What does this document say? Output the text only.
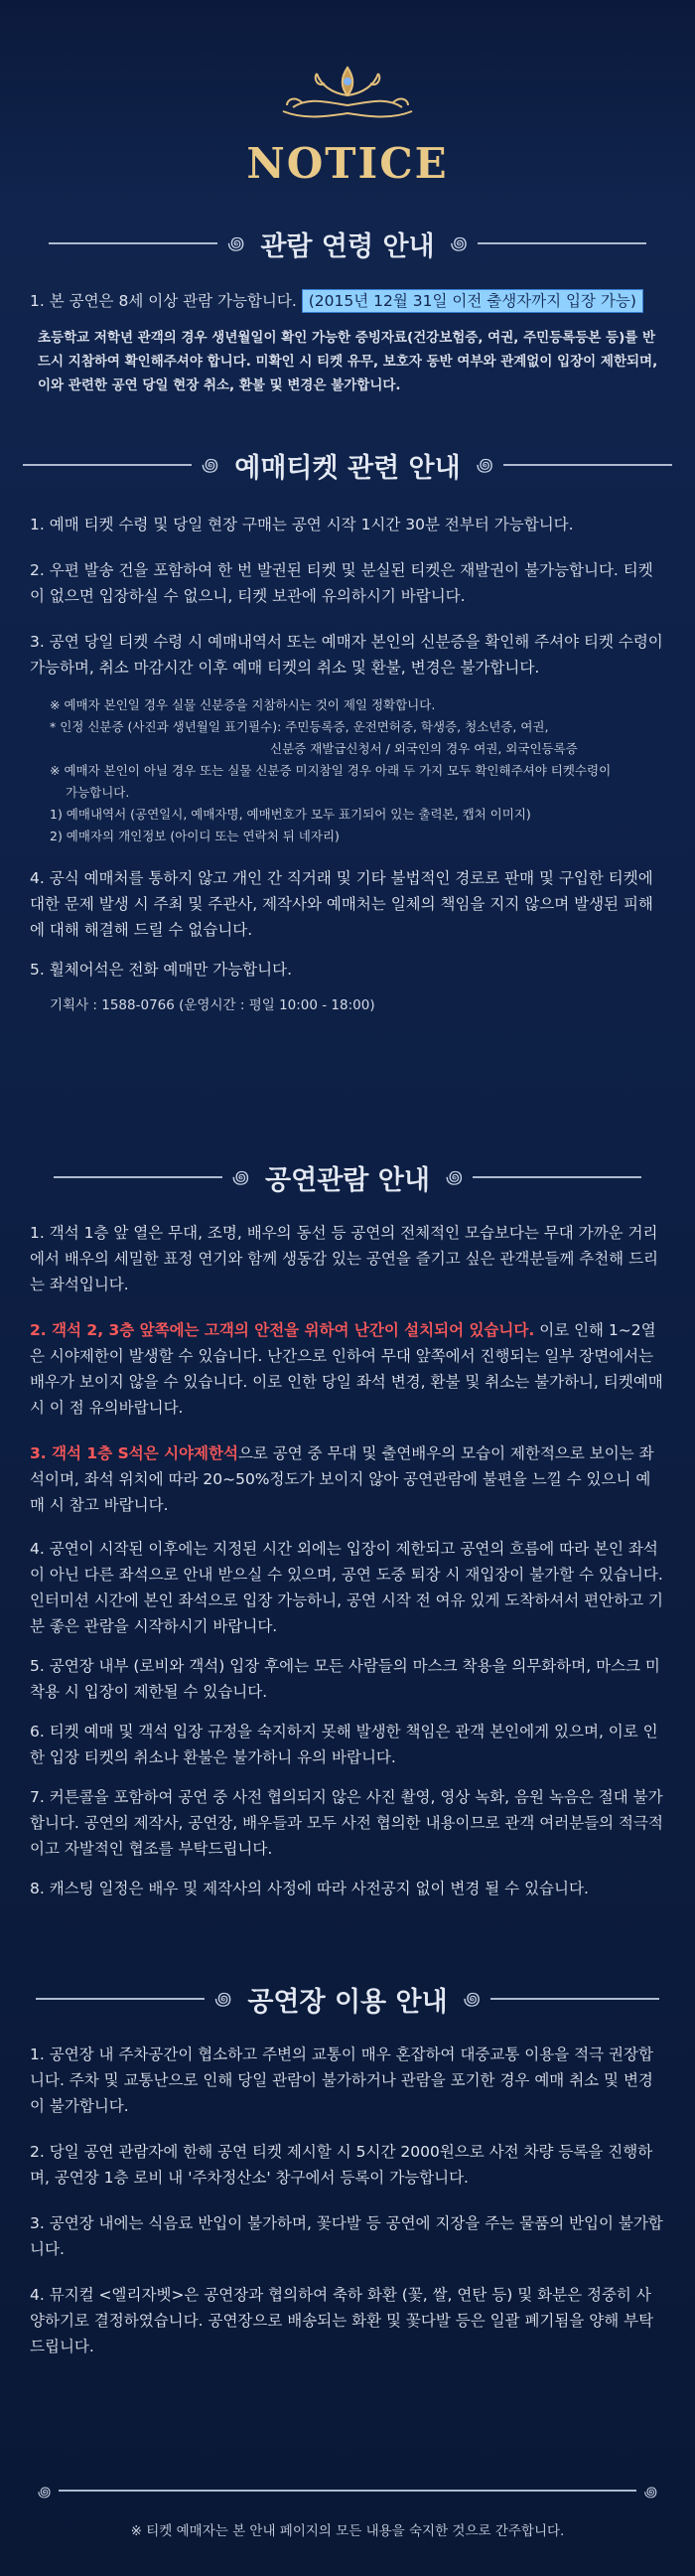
NOTICE
꩜ 관람 연령 안내 ꩜

1. 본 공연은 8세 이상 관람 가능합니다. (2015년 12월 31일 이전 출생자까지 입장 가능)

초등학교 저학년 관객의 경우 생년월일이 확인 가능한 증빙자료(건강보험증, 여권, 주민등록등본 등)를 반드시 지참하여 확인해주셔야 합니다. 미확인 시 티켓 유무, 보호자 동반 여부와 관계없이 입장이 제한되며, 이와 관련한 공연 당일 현장 취소, 환불 및 변경은 불가합니다.

꩜ 예매티켓 관련 안내 ꩜

1. 예매 티켓 수령 및 당일 현장 구매는 공연 시작 1시간 30분 전부터 가능합니다.

2. 우편 발송 건을 포함하여 한 번 발권된 티켓 및 분실된 티켓은 재발권이 불가능합니다. 티켓이 없으면 입장하실 수 없으니, 티켓 보관에 유의하시기 바랍니다.

3. 공연 당일 티켓 수령 시 예매내역서 또는 예매자 본인의 신분증을 확인해 주셔야 티켓 수령이 가능하며, 취소 마감시간 이후 예매 티켓의 취소 및 환불, 변경은 불가합니다.

※ 예매자 본인일 경우 실물 신분증을 지참하시는 것이 제일 정확합니다.

* 인정 신분증 (사진과 생년월일 표기필수): 주민등록증, 운전면허증, 학생증, 청소년증, 여권,

신분증 재발급신청서 / 외국인의 경우 여권, 외국인등록증

※ 예매자 본인이 아닐 경우 또는 실물 신분증 미지참일 경우 아래 두 가지 모두 확인해주셔야 티켓수령이

가능합니다.

1) 예매내역서 (공연일시, 예매자명, 예매번호가 모두 표기되어 있는 출력본, 캡처 이미지)

2) 예매자의 개인정보 (아이디 또는 연락처 뒤 네자리)

4. 공식 예매처를 통하지 않고 개인 간 직거래 및 기타 불법적인 경로로 판매 및 구입한 티켓에 대한 문제 발생 시 주최 및 주관사, 제작사와 예매처는 일체의 책임을 지지 않으며 발생된 피해에 대해 해결해 드릴 수 없습니다.

5. 휠체어석은 전화 예매만 가능합니다.

기획사 : 1588-0766 (운영시간 : 평일 10:00 - 18:00)

꩜ 공연관람 안내 ꩜

1. 객석 1층 앞 열은 무대, 조명, 배우의 동선 등 공연의 전체적인 모습보다는 무대 가까운 거리에서 배우의 세밀한 표정 연기와 함께 생동감 있는 공연을 즐기고 싶은 관객분들께 추천해 드리는 좌석입니다.

2. 객석 2, 3층 앞쪽에는 고객의 안전을 위하여 난간이 설치되어 있습니다. 이로 인해 1~2열은 시야제한이 발생할 수 있습니다. 난간으로 인하여 무대 앞쪽에서 진행되는 일부 장면에서는 배우가 보이지 않을 수 있습니다. 이로 인한 당일 좌석 변경, 환불 및 취소는 불가하니, 티켓예매 시 이 점 유의바랍니다.

3. 객석 1층 S석은 시야제한석으로 공연 중 무대 및 출연배우의 모습이 제한적으로 보이는 좌석이며, 좌석 위치에 따라 20~50%정도가 보이지 않아 공연관람에 불편을 느낄 수 있으니 예매 시 참고 바랍니다.

4. 공연이 시작된 이후에는 지정된 시간 외에는 입장이 제한되고 공연의 흐름에 따라 본인 좌석이 아닌 다른 좌석으로 안내 받으실 수 있으며, 공연 도중 퇴장 시 재입장이 불가할 수 있습니다. 인터미션 시간에 본인 좌석으로 입장 가능하니, 공연 시작 전 여유 있게 도착하셔서 편안하고 기분 좋은 관람을 시작하시기 바랍니다.

5. 공연장 내부 (로비와 객석) 입장 후에는 모든 사람들의 마스크 착용을 의무화하며, 마스크 미착용 시 입장이 제한될 수 있습니다.

6. 티켓 예매 및 객석 입장 규정을 숙지하지 못해 발생한 책임은 관객 본인에게 있으며, 이로 인한 입장 티켓의 취소나 환불은 불가하니 유의 바랍니다.

7. 커튼콜을 포함하여 공연 중 사전 협의되지 않은 사진 촬영, 영상 녹화, 음원 녹음은 절대 불가합니다. 공연의 제작사, 공연장, 배우들과 모두 사전 협의한 내용이므로 관객 여러분들의 적극적이고 자발적인 협조를 부탁드립니다.

8. 캐스팅 일정은 배우 및 제작사의 사정에 따라 사전공지 없이 변경 될 수 있습니다.

꩜ 공연장 이용 안내 ꩜

1. 공연장 내 주차공간이 협소하고 주변의 교통이 매우 혼잡하여 대중교통 이용을 적극 권장합니다. 주차 및 교통난으로 인해 당일 관람이 불가하거나 관람을 포기한 경우 예매 취소 및 변경이 불가합니다.

2. 당일 공연 관람자에 한해 공연 티켓 제시할 시 5시간 2000원으로 사전 차량 등록을 진행하며, 공연장 1층 로비 내 '주차정산소' 창구에서 등록이 가능합니다.

3. 공연장 내에는 식음료 반입이 불가하며, 꽃다발 등 공연에 지장을 주는 물품의 반입이 불가합니다.

4. 뮤지컬 <엘리자벳>은 공연장과 협의하여 축하 화환 (꽃, 쌀, 연탄 등) 및 화분은 정중히 사양하기로 결정하였습니다. 공연장으로 배송되는 화환 및 꽃다발 등은 일괄 폐기됨을 양해 부탁드립니다.

꩜	꩜
※ 티켓 예매자는 본 안내 페이지의 모든 내용을 숙지한 것으로 간주합니다.
